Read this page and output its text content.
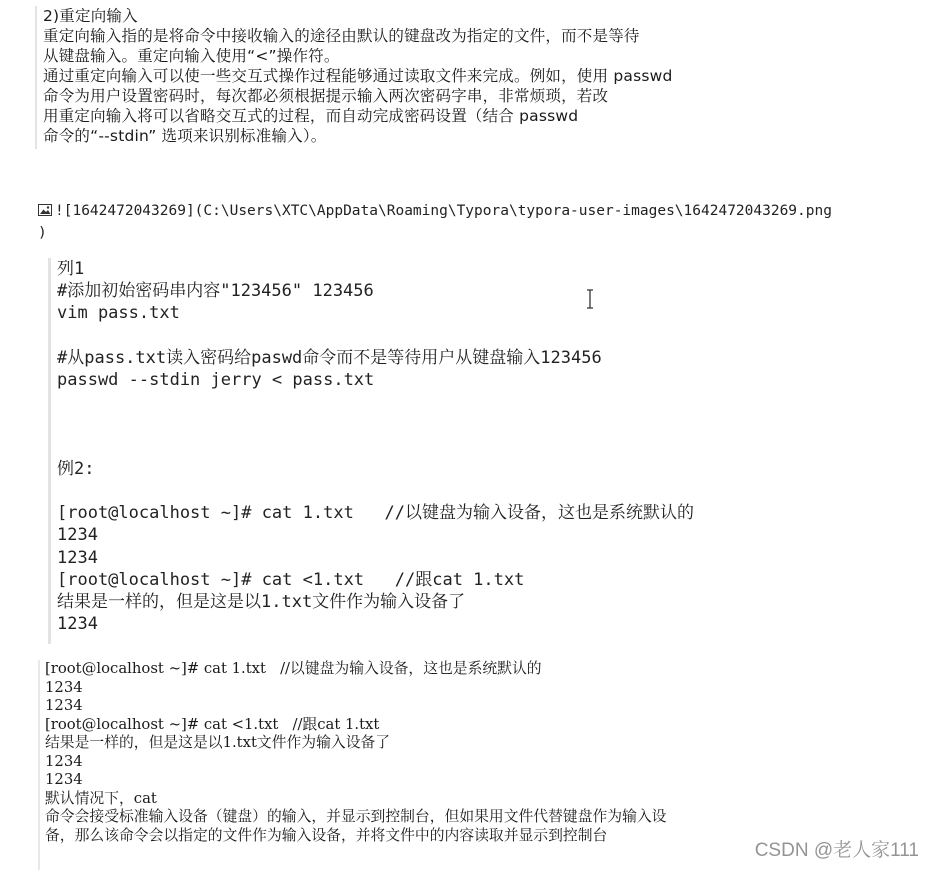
2)重定向输入
重定向输入指的是将命令中接收输入的途径由默认的键盘改为指定的文件，而不是等待
从键盘输入。重定向输入使用“<”操作符。
通过重定向输入可以使一些交互式操作过程能够通过读取文件来完成。例如，使用 passwd
命令为用户设置密码时，每次都必须根据提示输入两次密码字串，非常烦琐，若改
用重定向输入将可以省略交互式的过程，而自动完成密码设置（结合 passwd
命令的“--stdin” 选项来识别标准输入）。
![1642472043269](C:\Users\XTC\AppData\Roaming\Typora\typora-user-images\1642472043269.png
)
列1
#添加初始密码串内容"123456" 123456
vim pass.txt

#从pass.txt读入密码给paswd命令而不是等待用户从键盘输入123456
passwd --stdin jerry < pass.txt

例2:

[root@localhost ~]# cat 1.txt   //以键盘为输入设备，这也是系统默认的
1234
1234
[root@localhost ~]# cat <1.txt   //跟cat 1.txt
结果是一样的，但是这是以1.txt文件作为输入设备了
1234
[root@localhost ~]# cat 1.txt   //以键盘为输入设备，这也是系统默认的
1234
1234
[root@localhost ~]# cat <1.txt   //跟cat 1.txt
结果是一样的，但是这是以1.txt文件作为输入设备了
1234
1234
默认情况下，cat
命令会接受标准输入设备（键盘）的输入，并显示到控制台，但如果用文件代替键盘作为输入设
备，那么该命令会以指定的文件作为输入设备，并将文件中的内容读取并显示到控制台
CSDN @老人家111
